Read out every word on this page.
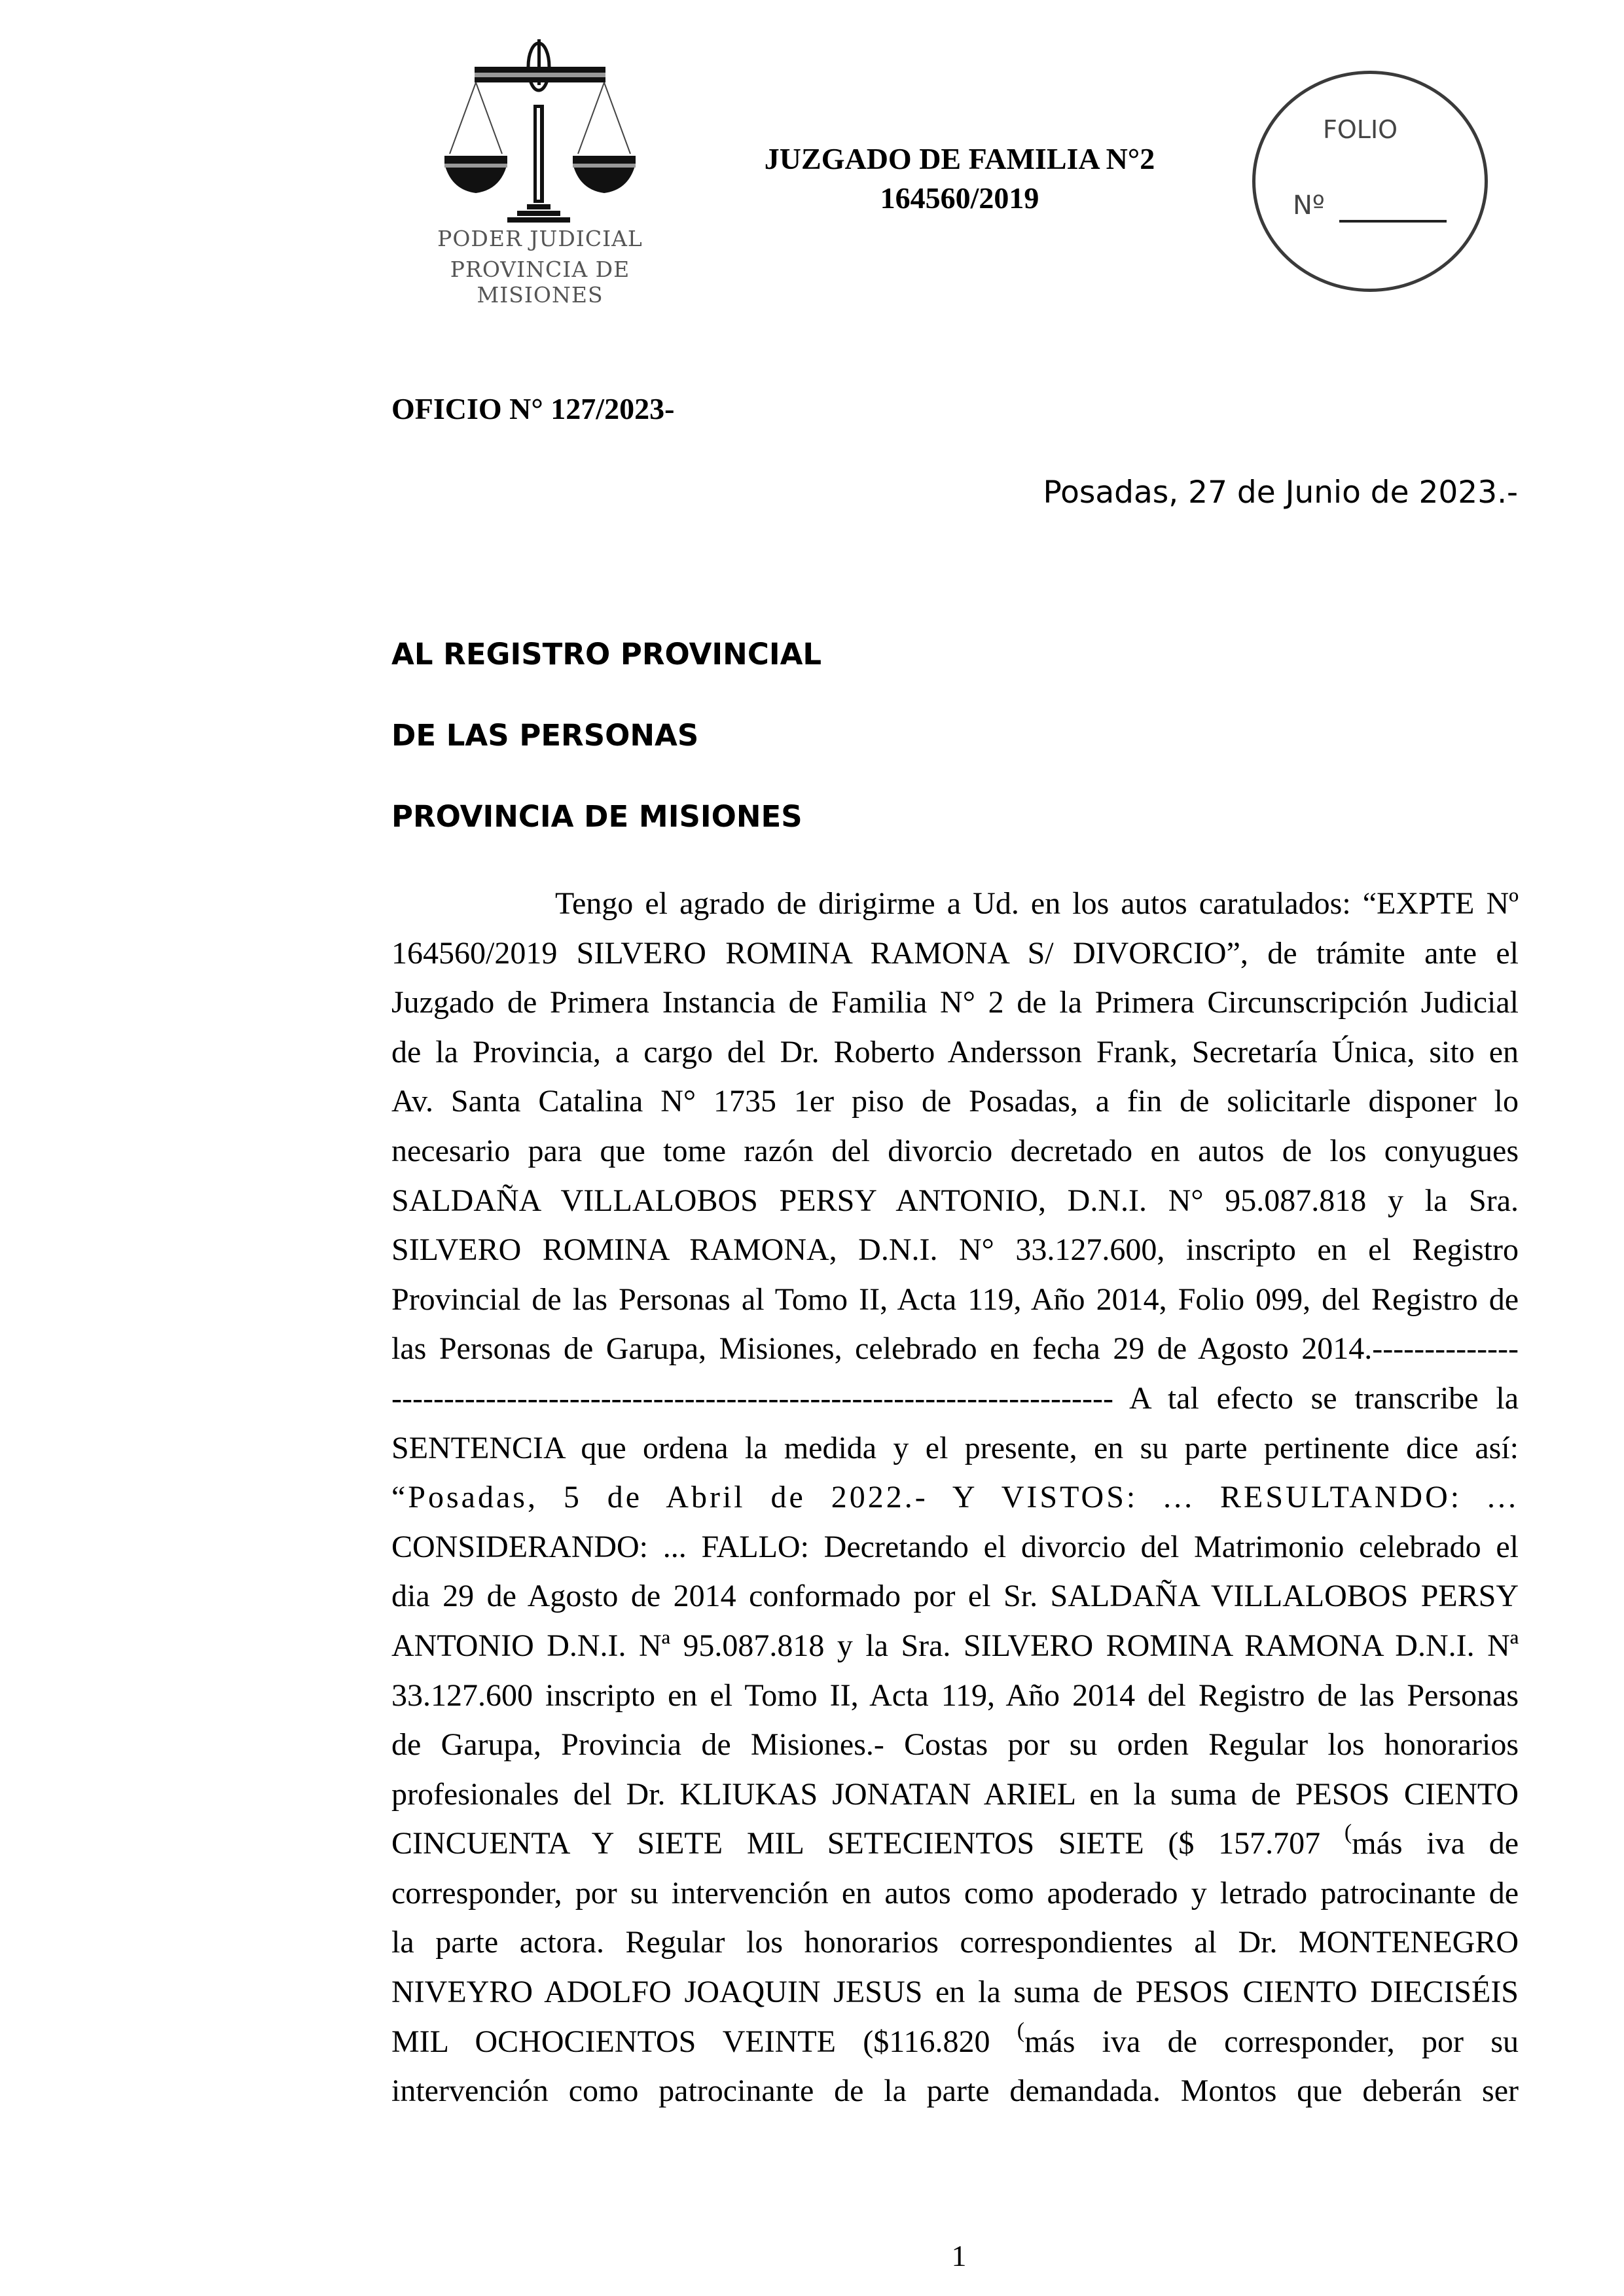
PODER JUDICIAL
PROVINCIA DE MISIONES
JUZGADO DE FAMILIA N°2
164560/2019
FOLIO
Nº
OFICIO N° 127/2023-
Posadas, 27 de Junio de 2023.-
AL REGISTRO PROVINCIAL
DE LAS PERSONAS
PROVINCIA DE MISIONES
Tengo el agrado de dirigirme a Ud. en los autos caratulados: “EXPTE Nº
164560/2019 SILVERO ROMINA RAMONA S/ DIVORCIO”, de trámite ante el
Juzgado de Primera Instancia de Familia N° 2 de la Primera Circunscripción Judicial
de la Provincia, a cargo del Dr. Roberto Andersson Frank, Secretaría Única, sito en
Av. Santa Catalina N° 1735 1er piso de Posadas, a fin de solicitarle disponer lo
necesario para que tome razón del divorcio decretado en autos de los conyugues
SALDAÑA VILLALOBOS PERSY ANTONIO, D.N.I. N° 95.087.818 y la Sra.
SILVERO ROMINA RAMONA, D.N.I. N° 33.127.600, inscripto en el Registro
Provincial de las Personas al Tomo II, Acta 119, Año 2014, Folio 099, del Registro de
las Personas de Garupa, Misiones, celebrado en fecha 29 de Agosto 2014.--------------
--------------------------------------------------------------------- A tal efecto se transcribe la
SENTENCIA que ordena la medida y el presente, en su parte pertinente dice así:
“Posadas, 5 de Abril de 2022.- Y VISTOS: ... RESULTANDO: ...
CONSIDERANDO: ... FALLO: Decretando el divorcio del Matrimonio celebrado el
dia 29 de Agosto de 2014 conformado por el Sr. SALDAÑA VILLALOBOS PERSY
ANTONIO D.N.I. Nª 95.087.818 y la Sra. SILVERO ROMINA RAMONA D.N.I. Nª
33.127.600 inscripto en el Tomo II, Acta 119, Año 2014 del Registro de las Personas
de Garupa, Provincia de Misiones.- Costas por su orden Regular los honorarios
profesionales del Dr. KLIUKAS JONATAN ARIEL en la suma de PESOS CIENTO
CINCUENTA Y SIETE MIL SETECIENTOS SIETE ($ 157.707 (más iva de
corresponder, por su intervención en autos como apoderado y letrado patrocinante de
la parte actora. Regular los honorarios correspondientes al Dr. MONTENEGRO
NIVEYRO ADOLFO JOAQUIN JESUS en la suma de PESOS CIENTO DIECISÉIS
MIL OCHOCIENTOS VEINTE ($116.820 (más iva de corresponder, por su
intervención como patrocinante de la parte demandada. Montos que deberán ser
1
